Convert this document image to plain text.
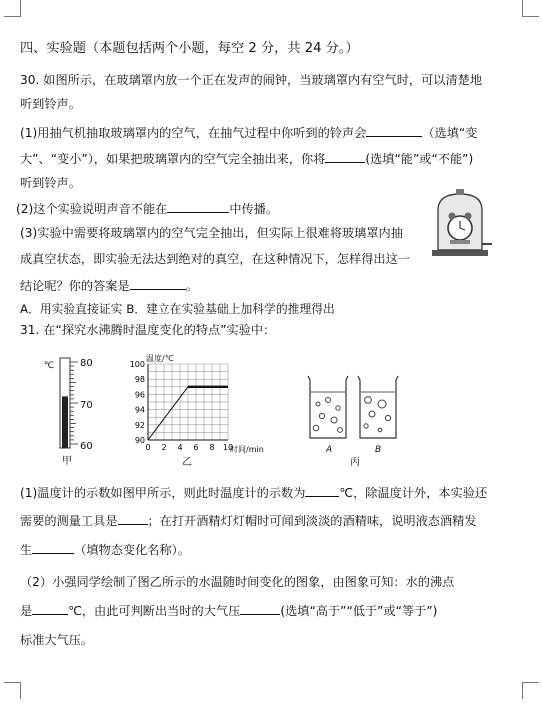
四、实验题（本题包括两个小题，每空 2 分，共 24 分。）
30. 如图所示，在玻璃罩内放一个正在发声的闹钟，当玻璃罩内有空气时，可以清楚地
听到铃声。
(1)用抽气机抽取玻璃罩内的空气，在抽气过程中你听到的铃声会	（选填“变
大”、“变小”），如果把玻璃罩内的空气完全抽出来，你将	(选填“能”或“不能”)
听到铃声。
(2)这个实验说明声音不能在	中传播。
(3)实验中需要将玻璃罩内的空气完全抽出，但实际上很难将玻璃罩内抽
成真空状态，即实验无法达到绝对的真空，在这种情况下，怎样得出这一
结论呢？你的答案是	。
A．用实验直接证实 B．建立在实验基础上加科学的推理得出
31. 在“探究水沸腾时温度变化的特点”实验中：
℃	80
70
60
甲
温度/℃
90
92
94
96
98
100
0 2 4 6 8 10
时间/min
乙
A	B
丙
(1)温度计的示数如图甲所示，则此时温度计的示数为	℃，除温度计外，本实验还
需要的测量工具是 ；在打开酒精灯灯帽时可闻到淡淡的酒精味，说明液态酒精发
生	（填物态变化名称）。
（2）小强同学绘制了图乙所示的水温随时间变化的图象，由图象可知：水的沸点
是	℃，由此可判断出当时的大气压	(选填“高于”“低于”或“等于”)
标准大气压。
